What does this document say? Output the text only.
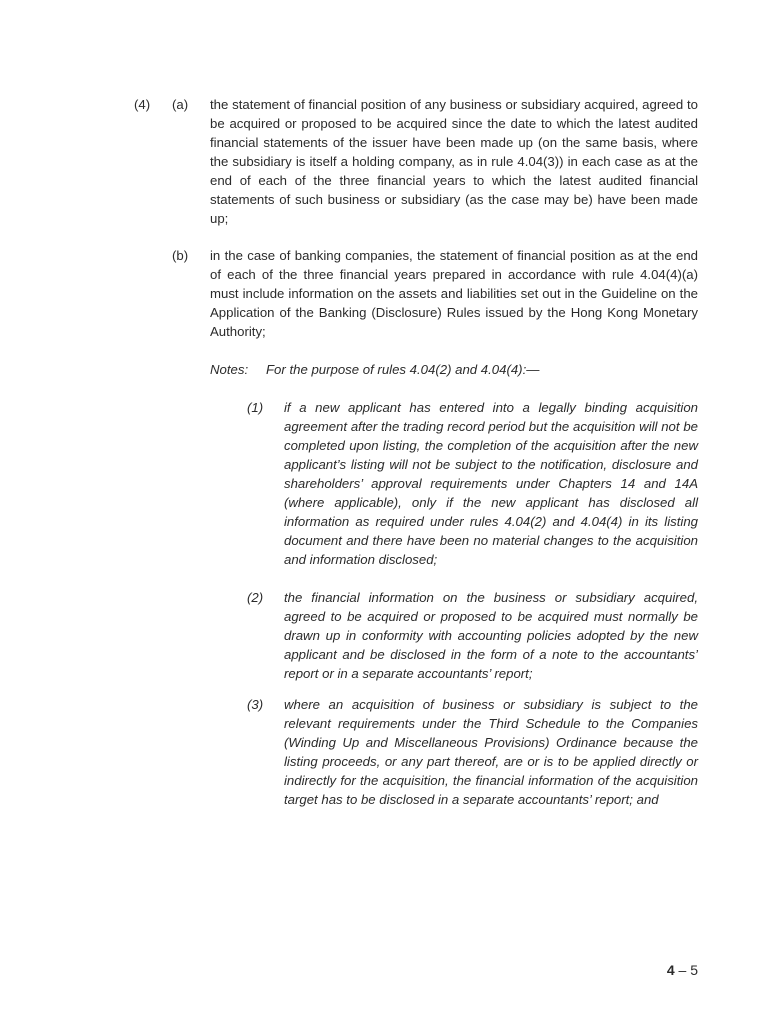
(4) (a) the statement of financial position of any business or subsidiary acquired, agreed to be acquired or proposed to be acquired since the date to which the latest audited financial statements of the issuer have been made up (on the same basis, where the subsidiary is itself a holding company, as in rule 4.04(3)) in each case as at the end of each of the three financial years to which the latest audited financial statements of such business or subsidiary (as the case may be) have been made up;

(b) in the case of banking companies, the statement of financial position as at the end of each of the three financial years prepared in accordance with rule 4.04(4)(a) must include information on the assets and liabilities set out in the Guideline on the Application of the Banking (Disclosure) Rules issued by the Hong Kong Monetary Authority;

Notes: For the purpose of rules 4.04(2) and 4.04(4):—
(1) if a new applicant has entered into a legally binding acquisition agreement after the trading record period but the acquisition will not be completed upon listing, the completion of the acquisition after the new applicant’s listing will not be subject to the notification, disclosure and shareholders’ approval requirements under Chapters 14 and 14A (where applicable), only if the new applicant has disclosed all information as required under rules 4.04(2) and 4.04(4) in its listing document and there have been no material changes to the acquisition and information disclosed;

(2) the financial information on the business or subsidiary acquired, agreed to be acquired or proposed to be acquired must normally be drawn up in conformity with accounting policies adopted by the new applicant and be disclosed in the form of a note to the accountants’ report or in a separate accountants’ report;

(3) where an acquisition of business or subsidiary is subject to the relevant requirements under the Third Schedule to the Companies (Winding Up and Miscellaneous Provisions) Ordinance because the listing proceeds, or any part thereof, are or is to be applied directly or indirectly for the acquisition, the financial information of the acquisition target has to be disclosed in a separate accountants’ report; and

4 – 5
